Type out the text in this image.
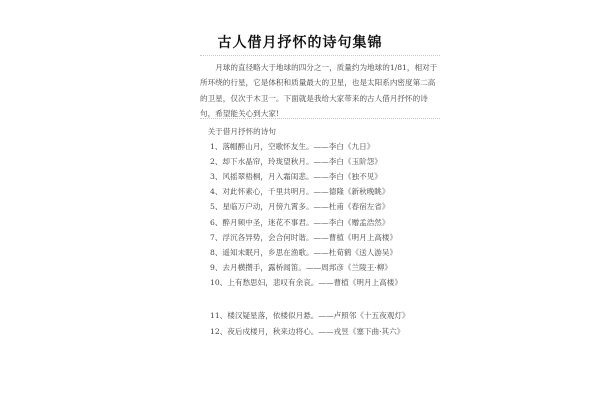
古人借月抒怀的诗句集锦
月球的直径略大于地球的四分之一，质量约为地球的1/81，相对于所环绕的行星，它是体积和质量最大的卫星，也是太阳系内密度第二高的卫星，仅次于木卫一。下面就是我给大家带来的古人借月抒怀的诗句，希望能关心到大家!
关于借月抒怀的诗句
1、落帽醉山月，空歌怀友生。——李白《九日》
2、却下水晶帘，玲珑望秋月。——李白《玉阶怨》
3、风摇翠梧桐，月入霜闺悲。——李白《独不见》
4、对此怀素心，千里共明月。——德隆《新秋晚眺》
5、星临万户动，月傍九霄多。——杜甫《春宿左省》
6、醉月频中圣，迷花不事君。——李白《赠孟浩然》
7、浮沉各异势，会合何时谐。——曹植《明月上高楼》
8、遥知未眠月，乡思在渔歌。——杜荀鹤《送人游吴》
9、去月横攒手，露桥闻笛。——周邦彦《兰陵王·柳》
10、上有愁思妇，悲叹有余哀。——曹植《明月上高楼》
11、楼汉疑星落，依楼似月悬。——卢照邻《十五夜观灯》
12、夜后戍楼月，秋来边将心。——戎昱《塞下曲·其六》
